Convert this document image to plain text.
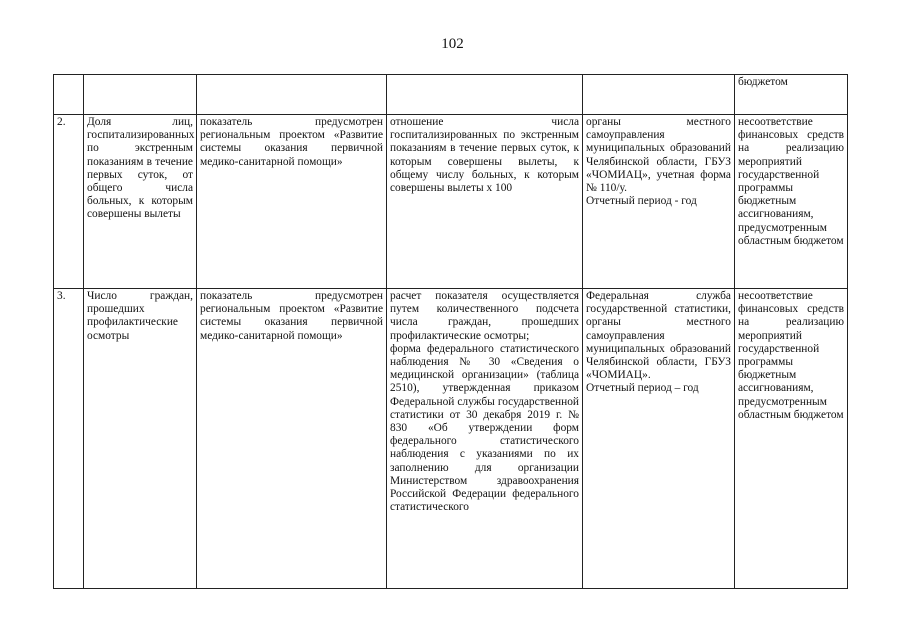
102
					бюджетом
2.	Доля лиц, госпитализированных по экстренным показаниям в течение первых суток, от общего числа больных, к которым совершены вылеты	показатель предусмотрен региональным проектом «Развитие системы оказания первичной медико-санитарной помощи»	отношение числа госпитализированных по экстренным показаниям в течение первых суток, к которым совершены вылеты, к общему числу больных, к которым совершены вылеты х 100	органы местного самоуправления муниципальных образований Челябинской области, ГБУЗ «ЧОМИАЦ», учетная форма № 110/у.
Отчетный период - год	несоответствие финансовых средств на реализацию мероприятий государственной программы бюджетным ассигнованиям, предусмотренным областным бюджетом
3.	Число граждан, прошедших профилактические осмотры	показатель предусмотрен региональным проектом «Развитие системы оказания первичной медико-санитарной помощи»	расчет показателя осуществляется путем количественного подсчета числа граждан, прошедших профилактические осмотры;
форма федерального статистического наблюдения № 30 «Сведения о медицинской организации» (таблица 2510), утвержденная приказом Федеральной службы государственной статистики от 30 декабря 2019 г. № 830 «Об утверждении форм федерального статистического наблюдения с указаниями по их заполнению для организации Министерством здравоохранения Российской Федерации федерального статистического	Федеральная служба государственной статистики, органы местного самоуправления муниципальных образований Челябинской области, ГБУЗ «ЧОМИАЦ».
Отчетный период – год	несоответствие финансовых средств на реализацию мероприятий государственной программы бюджетным ассигнованиям, предусмотренным областным бюджетом
